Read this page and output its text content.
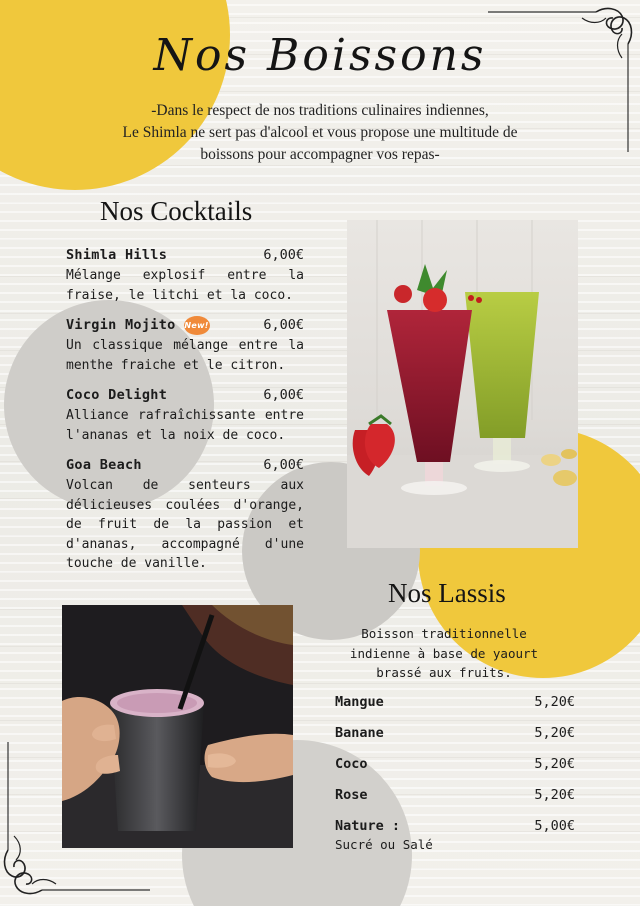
Nos Boissons
-Dans le respect de nos traditions culinaires indiennes,
Le Shimla ne sert pas d'alcool et vous propose une multitude de
boissons pour accompagner vos repas-
Nos Cocktails
Shimla Hills	6,00€
Mélange explosif entre la fraise, le litchi et la coco.
Virgin Mojito New!	6,00€
Un classique mélange entre la menthe fraiche et le citron.
Coco Delight	6,00€
Alliance rafraîchissante entre l'ananas et la noix de coco.
Goa Beach	6,00€
Volcan de senteurs aux délicieuses coulées d'orange, de fruit de la passion et d'ananas, accompagné d'une touche de vanille.
Nos Lassis
Boisson traditionnelle
indienne à base de yaourt
brassé aux fruits.
Mangue	5,20€
Banane	5,20€
Coco	5,20€
Rose	5,20€
Nature :	5,00€
Sucré ou Salé
